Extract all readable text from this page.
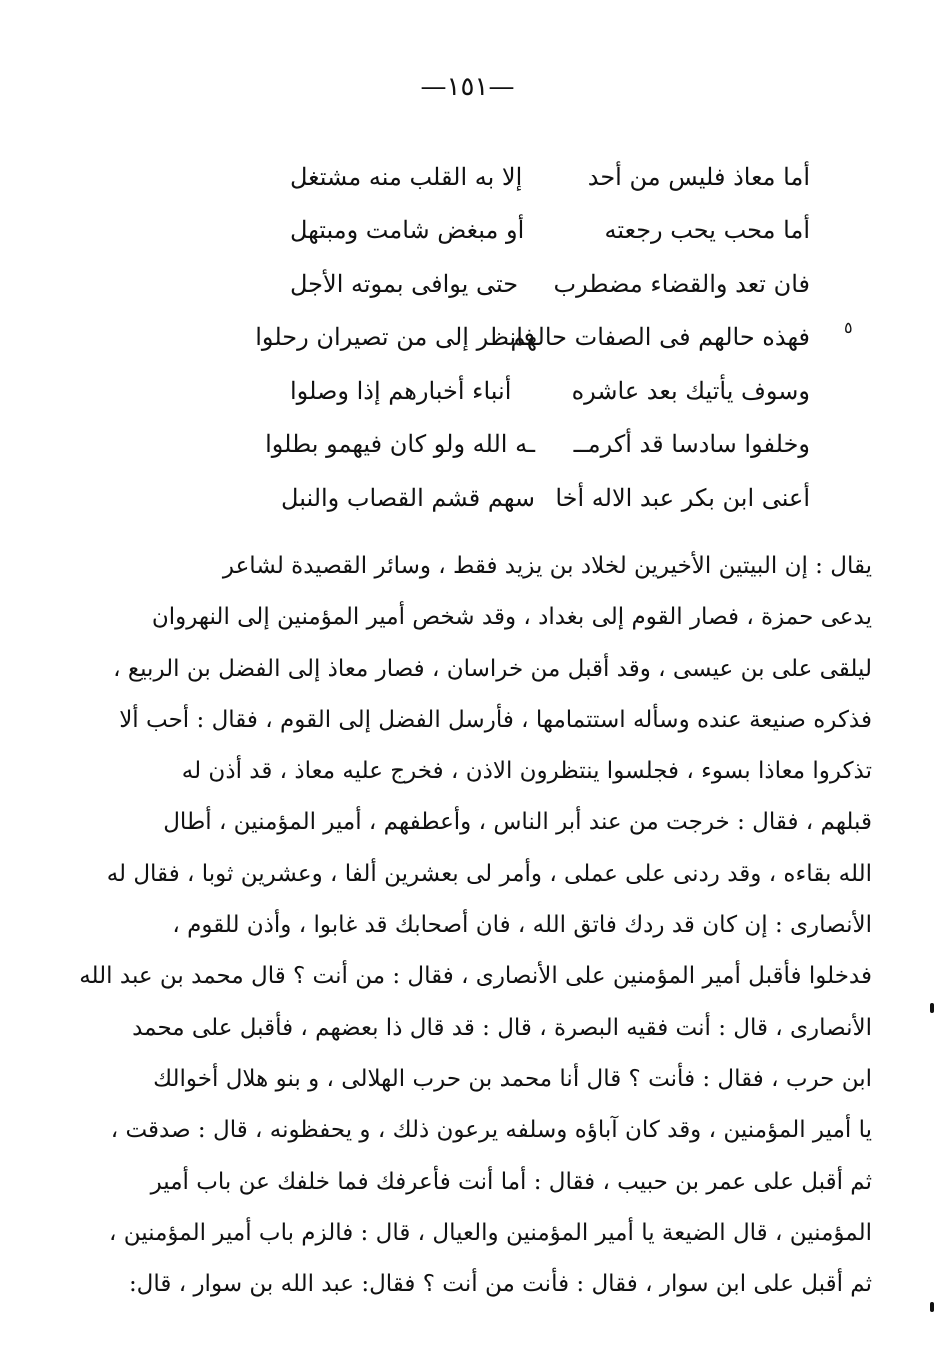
—١٥١—
٥
أما معاذ فليس من أحد
إلا به القلب منه مشتغل
أما محب يحب رجعته
أو مبغض شامت ومبتهل
فان تعد والقضاء مضطرب
حتى يوافى بموته الأجل
فهذه حالهم فى الصفات حالهم
فانظر إلى من تصيران رحلوا
وسوف يأتيك بعد عاشره
أنباء أخبارهم إذا وصلوا
وخلفوا سادسا قد أكرمــ
ـه الله ولو كان فيهمو بطلوا
أعنى ابن بكر عبد الاله أخا
سهم قشم القصاب والنبل
يقال : إن البيتين الأخيرين لخلاد بن يزيد فقط ، وسائر القصيدة لشاعر
يدعى حمزة ، فصار القوم إلى بغداد ، وقد شخص أمير المؤمنين إلى النهروان
ليلقى على بن عيسى ، وقد أقبل من خراسان ، فصار معاذ إلى الفضل بن الربيع ،
فذكره صنيعة عنده وسأله استتمامها ، فأرسل الفضل إلى القوم ، فقال : أحب ألا
تذكروا معاذا بسوء ، فجلسوا ينتظرون الاذن ، فخرج عليه معاذ ، قد أذن له
قبلهم ، فقال : خرجت من عند أبر الناس ، وأعطفهم ، أمير المؤمنين ، أطال
الله بقاءه ، وقد ردنى على عملى ، وأمر لى بعشرين ألفا ، وعشرين ثوبا ، فقال له
الأنصارى : إن كان قد ردك فاتق الله ، فان أصحابك قد غابوا ، وأذن للقوم ،
فدخلوا فأقبل أمير المؤمنين على الأنصارى ، فقال : من أنت ؟ قال محمد بن عبد الله
الأنصارى ، قال : أنت فقيه البصرة ، قال : قد قال ذا بعضهم ، فأقبل على محمد
ابن حرب ، فقال : فأنت ؟ قال أنا محمد بن حرب الهلالى ، و بنو هلال أخوالك
يا أمير المؤمنين ، وقد كان آباؤه وسلفه يرعون ذلك ، و يحفظونه ، قال : صدقت ،
ثم أقبل على عمر بن حبيب ، فقال : أما أنت فأعرفك فما خلفك عن باب أمير
المؤمنين ، قال الضيعة يا أمير المؤمنين والعيال ، قال : فالزم باب أمير المؤمنين ،
ثم أقبل على ابن سوار ، فقال : فأنت من أنت ؟ فقال: عبد الله بن سوار ، قال:
